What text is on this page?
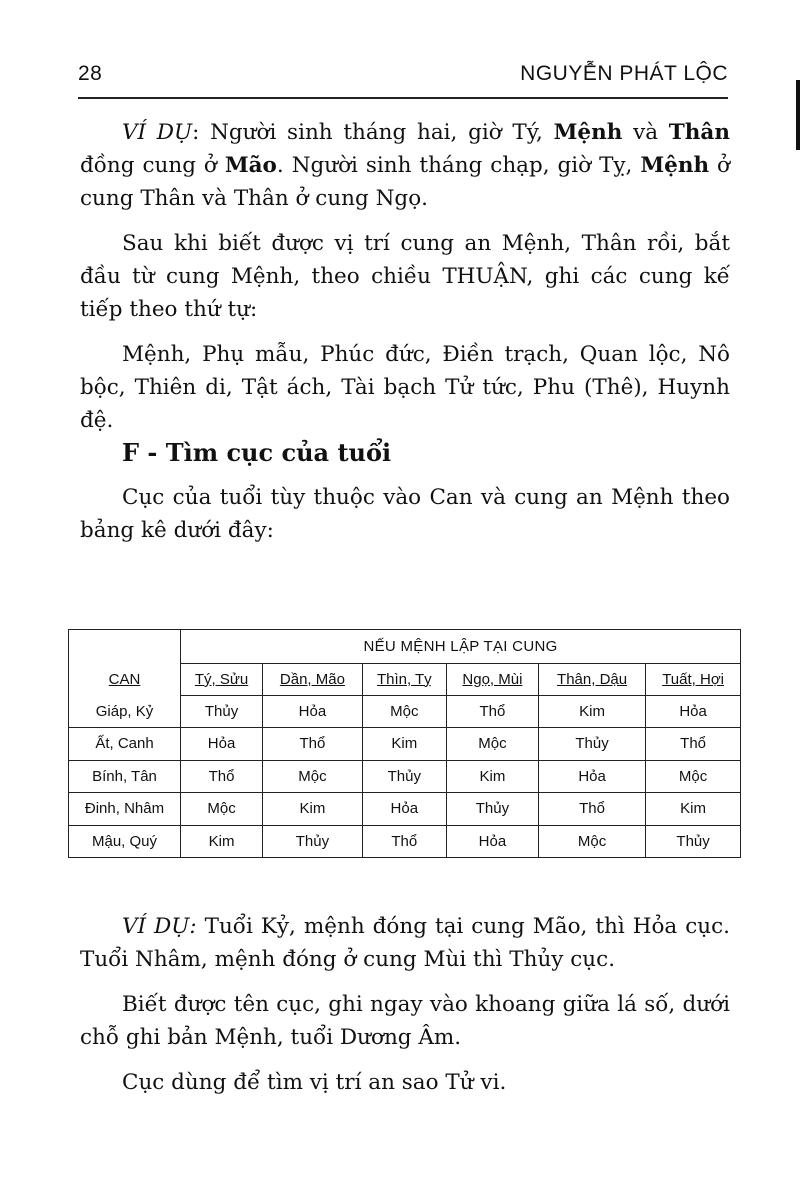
28	NGUYỄN PHÁT LỘC

VÍ DỤ: Người sinh tháng hai, giờ Tý, Mệnh và Thân đồng cung ở Mão. Người sinh tháng chạp, giờ Tỵ, Mệnh ở cung Thân và Thân ở cung Ngọ.

Sau khi biết được vị trí cung an Mệnh, Thân rồi, bắt đầu từ cung Mệnh, theo chiều THUẬN, ghi các cung kế tiếp theo thứ tự:

Mệnh, Phụ mẫu, Phúc đức, Điền trạch, Quan lộc, Nô bộc, Thiên di, Tật ách, Tài bạch Tử tức, Phu (Thê), Huynh đệ.

F - Tìm cục của tuổi

Cục của tuổi tùy thuộc vào Can và cung an Mệnh theo bảng kê dưới đây:

	NẾU MỆNH LẬP TẠI CUNG					
CAN	Tý, Sửu	Dần, Mão	Thìn, Tỵ	Ngọ, Mùi	Thân, Dậu	Tuất, Hợi
Giáp, Kỷ	Thủy	Hỏa	Mộc	Thổ	Kim	Hỏa
Ất, Canh	Hỏa	Thổ	Kim	Mộc	Thủy	Thổ
Bính, Tân	Thổ	Mộc	Thủy	Kim	Hỏa	Mộc
Đinh, Nhâm	Mộc	Kim	Hỏa	Thủy	Thổ	Kim
Mậu, Quý	Kim	Thủy	Thổ	Hỏa	Mộc	Thủy

VÍ DỤ: Tuổi Kỷ, mệnh đóng tại cung Mão, thì Hỏa cục. Tuổi Nhâm, mệnh đóng ở cung Mùi thì Thủy cục.

Biết được tên cục, ghi ngay vào khoang giữa lá số, dưới chỗ ghi bản Mệnh, tuổi Dương Âm.

Cục dùng để tìm vị trí an sao Tử vi.
